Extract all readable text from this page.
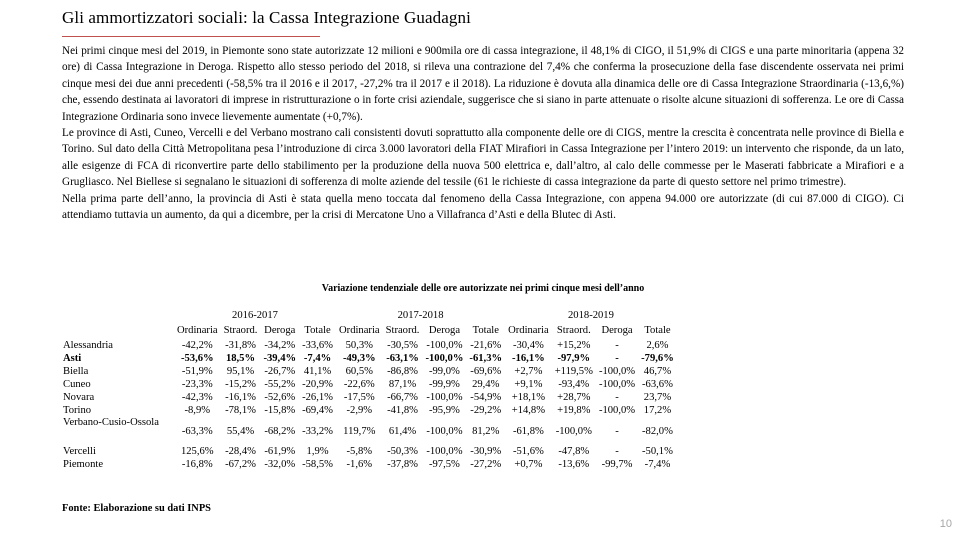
Gli ammortizzatori sociali: la Cassa Integrazione Guadagni

Nei primi cinque mesi del 2019, in Piemonte sono state autorizzate 12 milioni e 900mila ore di cassa integrazione, il 48,1% di CIGO, il 51,9% di CIGS e una parte minoritaria (appena 32 ore) di Cassa Integrazione in Deroga. Rispetto allo stesso periodo del 2018, si rileva una contrazione del 7,4% che conferma la prosecuzione della fase discendente osservata nei primi cinque mesi dei due anni precedenti (-58,5% tra il 2016 e il 2017, -27,2% tra il 2017 e il 2018). La riduzione è dovuta alla dinamica delle ore di Cassa Integrazione Straordinaria (-13,6,%) che, essendo destinata ai lavoratori di imprese in ristrutturazione o in forte crisi aziendale, suggerisce che si siano in parte attenuate o risolte alcune situazioni di sofferenza. Le ore di Cassa Integrazione Ordinaria sono invece lievemente aumentate (+0,7%).

Le province di Asti, Cuneo, Vercelli e del Verbano mostrano cali consistenti dovuti soprattutto alla componente delle ore di CIGS, mentre la crescita è concentrata nelle province di Biella e Torino. Sul dato della Città Metropolitana pesa l’introduzione di circa 3.000 lavoratori della FIAT Mirafiori in Cassa Integrazione per l’intero 2019: un intervento che risponde, da un lato, alle esigenze di FCA di riconvertire parte dello stabilimento per la produzione della nuova 500 elettrica e, dall’altro, al calo delle commesse per le Maserati fabbricate a Mirafiori e a Grugliasco. Nel Biellese si segnalano le situazioni di sofferenza di molte aziende del tessile (61 le richieste di cassa integrazione da parte di questo settore nel primo trimestre).

Nella prima parte dell’anno, la provincia di Asti è stata quella meno toccata dal fenomeno della Cassa Integrazione, con appena 94.000 ore autorizzate (di cui 87.000 di CIGO). Ci attendiamo tuttavia un aumento, da qui a dicembre, per la crisi di Mercatone Uno a Villafranca d’Asti e della Blutec di Asti.

Variazione tendenziale delle ore autorizzate nei primi cinque mesi dell’anno
	2016-2017				2017-2018				2018-2019			
	Ordinaria	Straord.	Deroga	Totale	Ordinaria	Straord.	Deroga	Totale	Ordinaria	Straord.	Deroga	Totale
Alessandria	-42,2%	-31,8%	-34,2%	-33,6%	50,3%	-30,5%	-100,0%	-21,6%	-30,4%	+15,2%	-	2,6%
Asti	-53,6%	18,5%	-39,4%	-7,4%	-49,3%	-63,1%	-100,0%	-61,3%	-16,1%	-97,9%	-	-79,6%
Biella	-51,9%	95,1%	-26,7%	41,1%	60,5%	-86,8%	-99,0%	-69,6%	+2,7%	+119,5%	-100,0%	46,7%
Cuneo	-23,3%	-15,2%	-55,2%	-20,9%	-22,6%	87,1%	-99,9%	29,4%	+9,1%	-93,4%	-100,0%	-63,6%
Novara	-42,3%	-16,1%	-52,6%	-26,1%	-17,5%	-66,7%	-100,0%	-54,9%	+18,1%	+28,7%	-	23,7%
Torino	-8,9%	-78,1%	-15,8%	-69,4%	-2,9%	-41,8%	-95,9%	-29,2%	+14,8%	+19,8%	-100,0%	17,2%
Verbano-Cusio-Ossola	-63,3%	55,4%	-68,2%	-33,2%	119,7%	61,4%	-100,0%	81,2%	-61,8%	-100,0%	-	-82,0%
Vercelli	125,6%	-28,4%	-61,9%	1,9%	-5,8%	-50,3%	-100,0%	-30,9%	-51,6%	-47,8%	-	-50,1%
Piemonte	-16,8%	-67,2%	-32,0%	-58,5%	-1,6%	-37,8%	-97,5%	-27,2%	+0,7%	-13,6%	-99,7%	-7,4%
Fonte: Elaborazione su dati INPS
10
